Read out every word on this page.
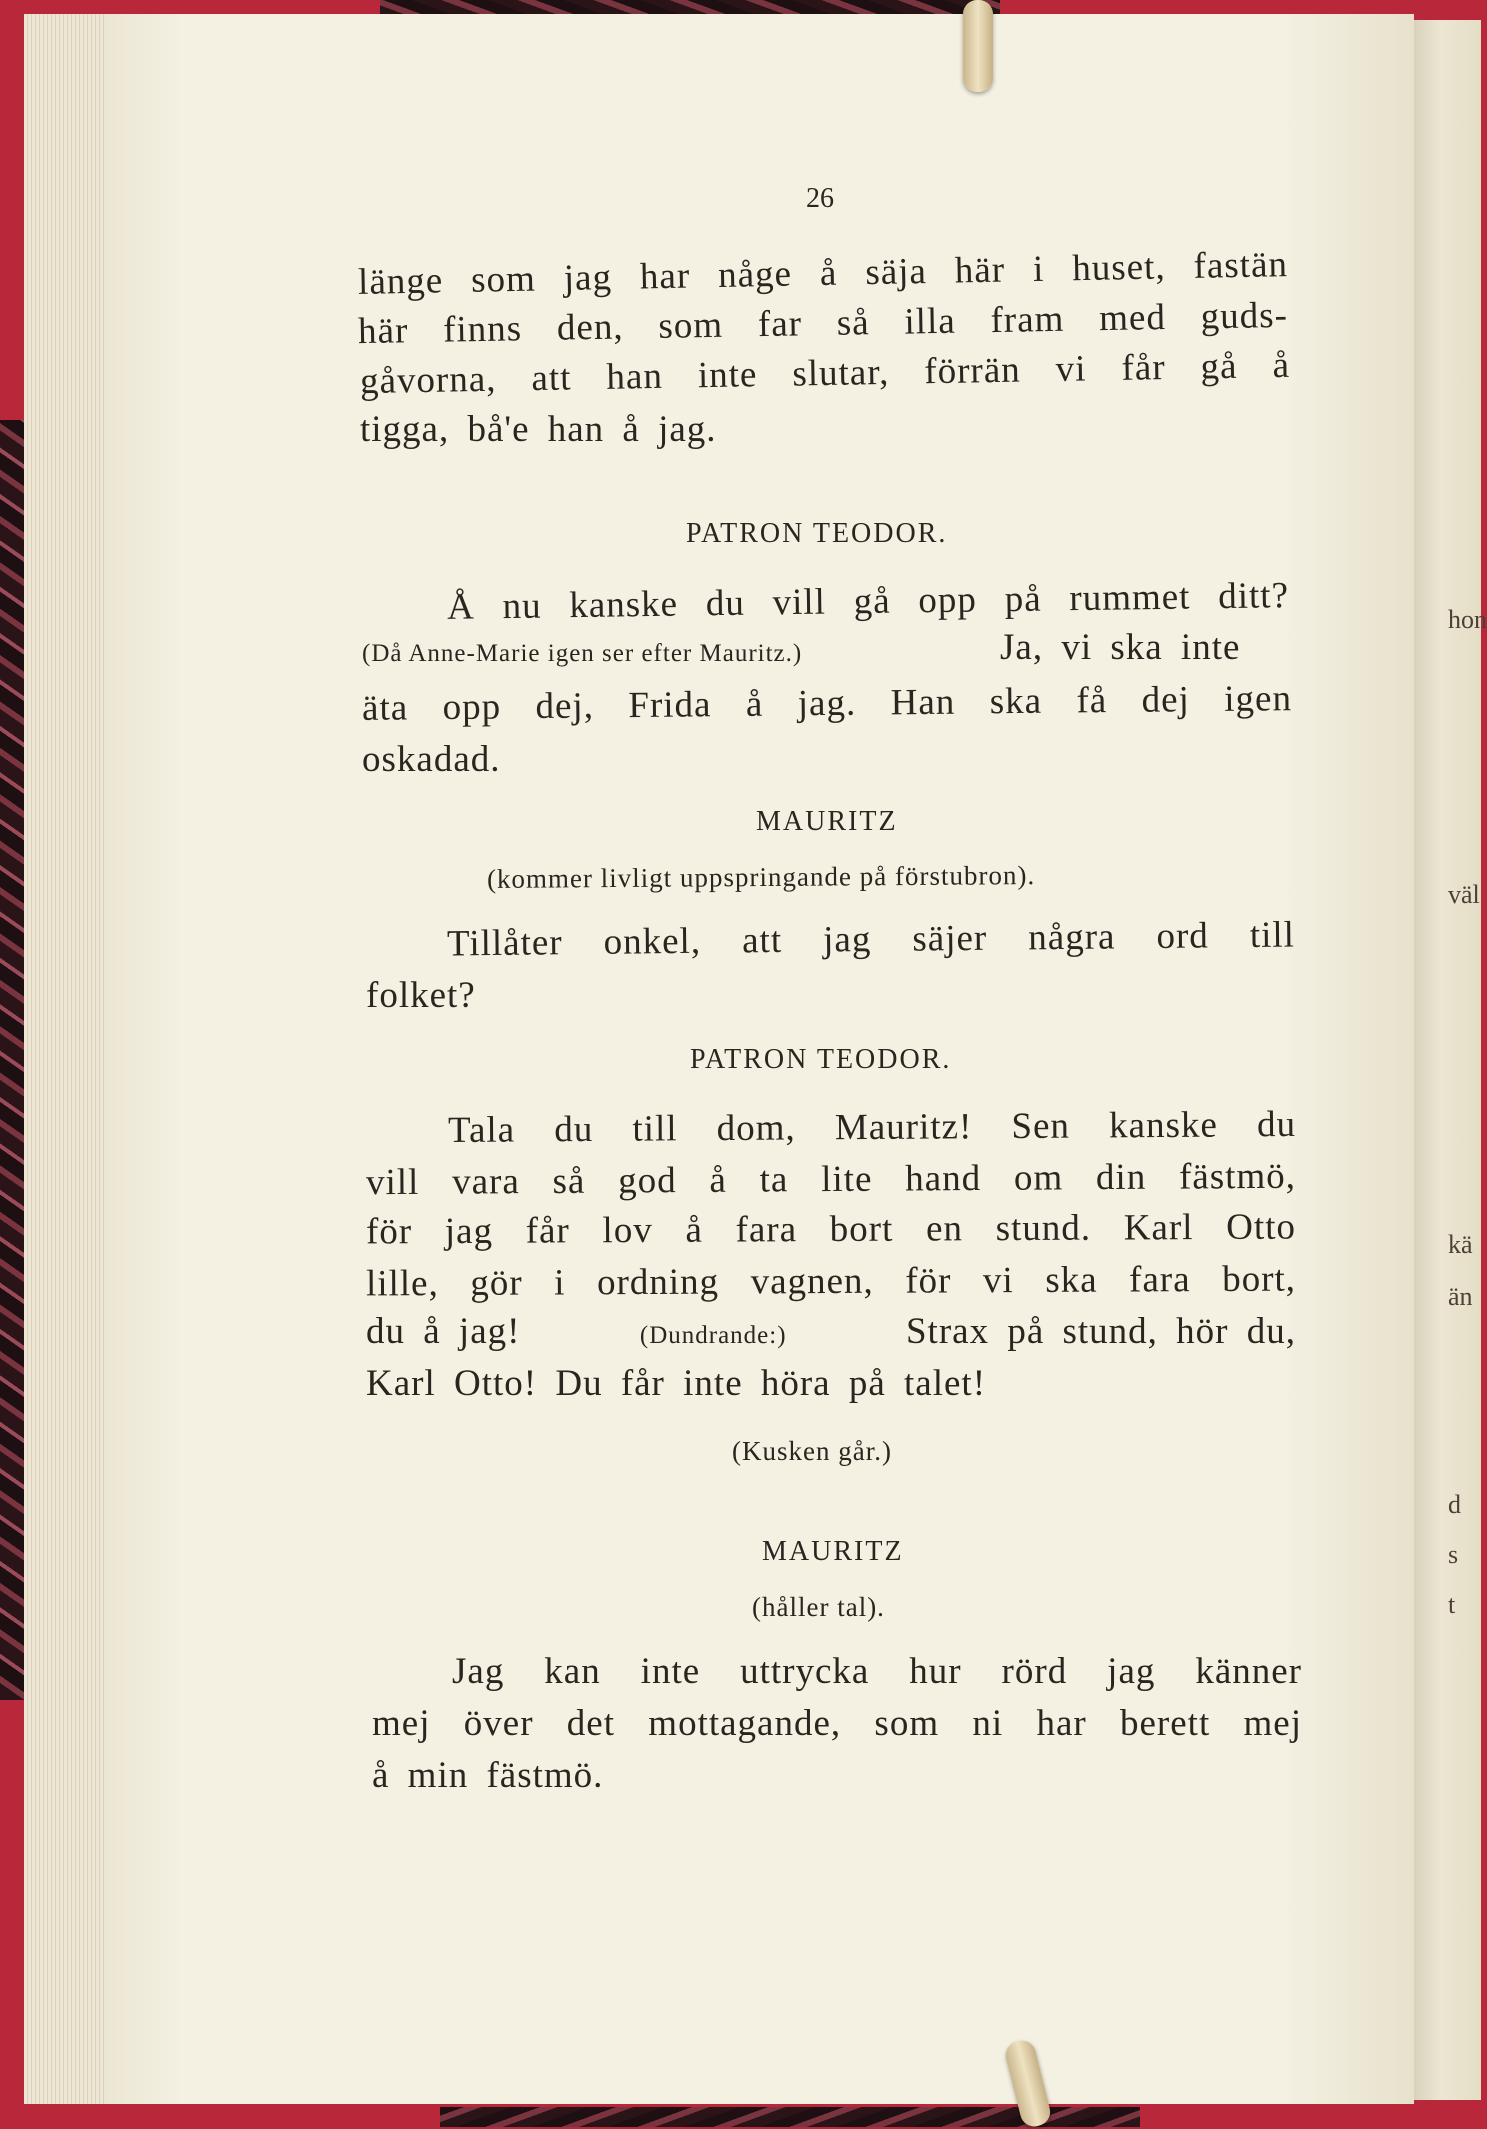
hon
väl
kä
än
d
s
t
26
länge som jag har någe å säja här i huset, fastän
här finns den, som far så illa fram med guds-
gåvorna, att han inte slutar, förrän vi får gå å
tigga, bå'e han å jag.
PATRON TEODOR.
Å nu kanske du vill gå opp på rummet ditt?
(Då Anne-Marie igen ser efter Mauritz.)	Ja, vi ska inte
äta opp dej, Frida å jag. Han ska få dej igen
oskadad.
MAURITZ
(kommer livligt uppspringande på förstubron).
Tillåter onkel, att jag säjer några ord till
folket?
PATRON TEODOR.
Tala du till dom, Mauritz! Sen kanske du
vill vara så god å ta lite hand om din fästmö,
för jag får lov å fara bort en stund. Karl Otto
lille, gör i ordning vagnen, för vi ska fara bort,
du å jag!	(Dundrande:)	Strax på stund, hör du,
Karl Otto! Du får inte höra på talet!
(Kusken går.)
MAURITZ
(håller tal).
Jag kan inte uttrycka hur rörd jag känner
mej över det mottagande, som ni har berett mej
å min fästmö.
